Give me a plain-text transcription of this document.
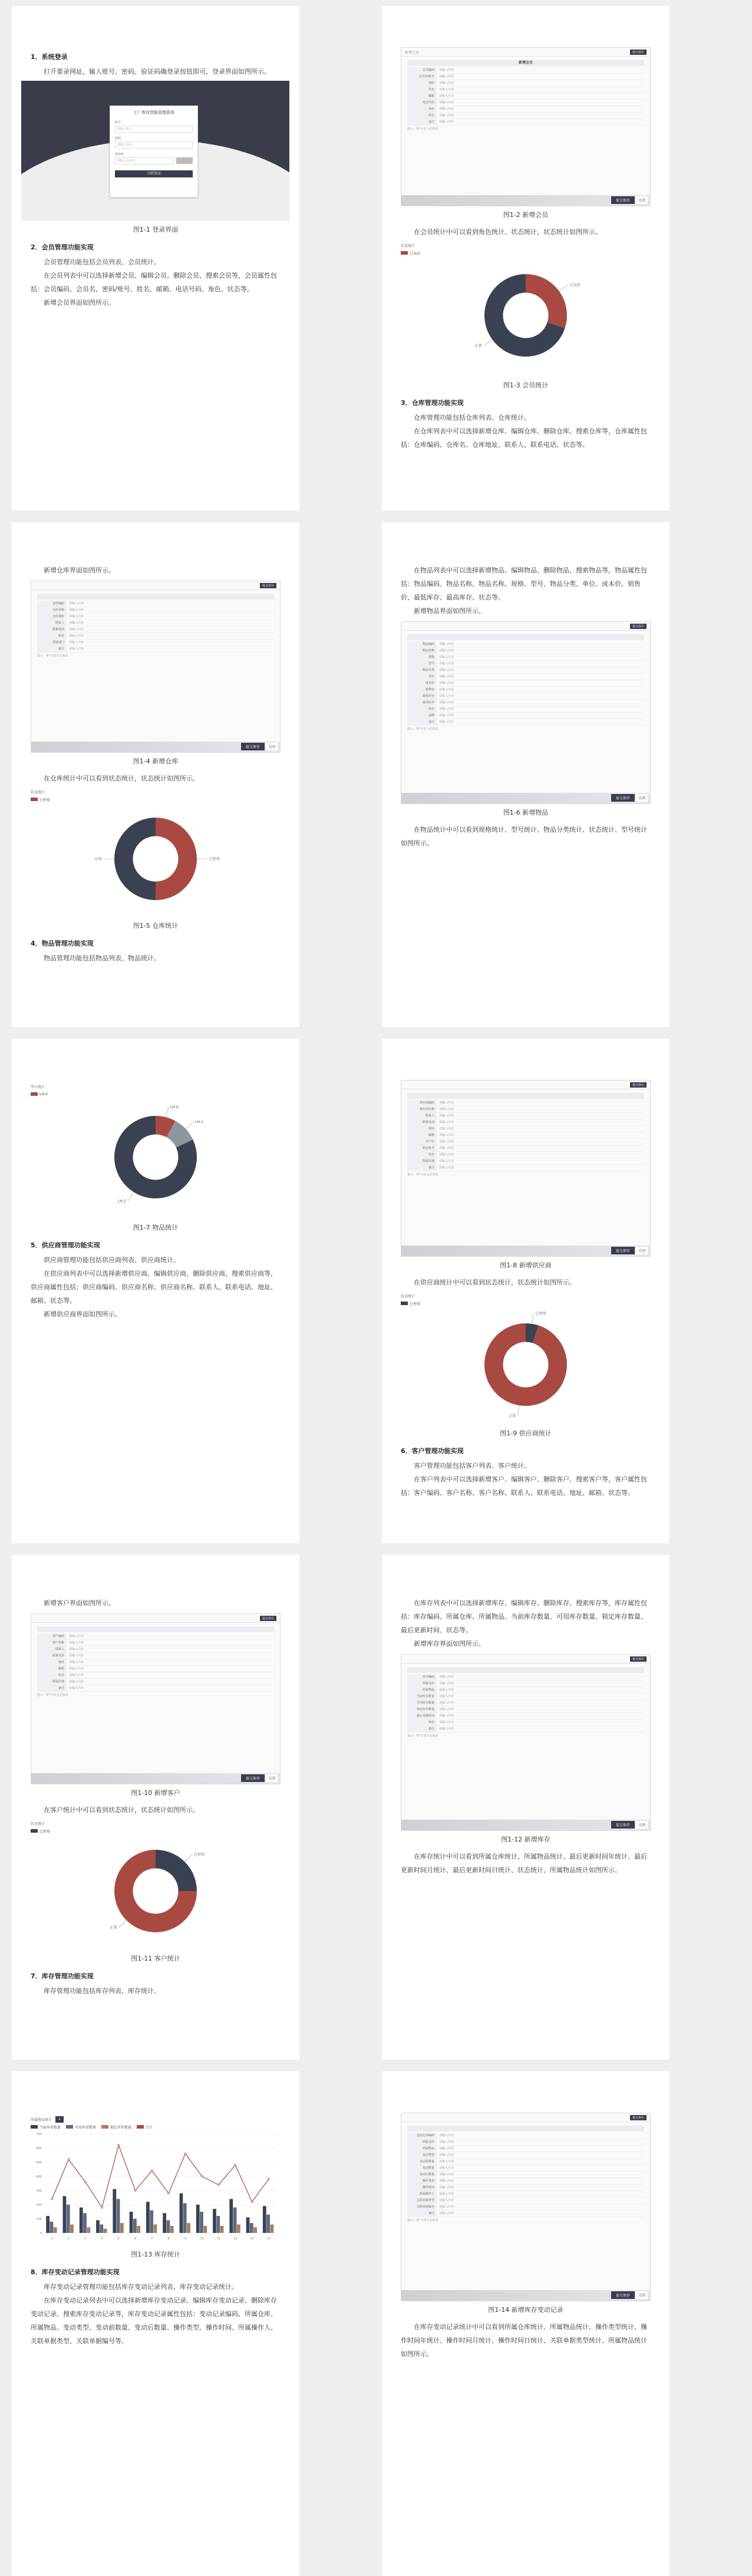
1．系统登录

打开要录网址，输入账号、密码、验证码确登录按钮即可，登录界面如图所示。

工厂库存智能管理系统
账号
请输入账号
密码
请输入密码
验证码
请输入验证码
立即登录
图1-1 登录界面
2．会员管理功能实现

会员管理功能包括会员列表、会员统计。

在会员列表中可以选择新增会员、编辑会员、删除会员、搜索会员等，会员属性包括：会员编码、会员名、密码/账号、姓名、邮箱、电话号码、角色、状态等。

新增会员界面如图所示。

新增会员	提交保存
新增会员
会员编码	请输入内容
会员名/账号	请输入内容
密码	请输入内容
姓名	请输入内容
邮箱	请输入内容
电话号码	请输入内容
角色	请输入内容
状态	请输入内容
备注	请输入内容
提示：带*号的为必填项
提交保存	关闭
图1-2 新增会员

在会员统计中可以看到角色统计、状态统计，状态统计如图所示。

状态统计
已冻结
已冻结
正常
图1-3 会员统计
3．仓库管理功能实现

仓库管理功能包括仓库列表、仓库统计。

在仓库列表中可以选择新增仓库、编辑仓库、删除仓库、搜索仓库等，仓库属性包括：仓库编码、仓库名、仓库地址、联系人、联系电话、状态等。

新增仓库界面如图所示。

提交保存
仓库编码	请输入内容
仓库名称	请输入内容
仓库地址	请输入内容
联系人	请输入内容
联系电话	请输入内容
状态	请输入内容
所属部门	请输入内容
备注	请输入内容
提示：带*号的为必填项
提交保存	关闭
图1-4 新增仓库

在仓库统计中可以看到状态统计，状态统计如图所示。

状态统计
已停用
已停用
启用
图1-5 仓库统计
4．物品管理功能实现

物品管理功能包括物品列表、物品统计。

在物品列表中可以选择新增物品、编辑物品、删除物品、搜索物品等，物品属性包括：物品编码、物品名称、物品名称、规格、型号、物品分类、单位、成本价、销售价、最低库存、最高库存、状态等。

新增物品界面如图所示。

提交保存
物品编码	请输入内容
物品名称	请输入内容
规格	请输入内容
型号	请输入内容
物品分类	请输入内容
单位	请输入内容
成本价	请输入内容
销售价	请输入内容
最低库存	请输入内容
最高库存	请输入内容
状态	请输入内容
品牌	请输入内容
备注	请输入内容
提示：带*号的为必填项
提交保存	关闭
图1-6 新增物品

在物品统计中可以看到规格统计、型号统计、物品分类统计、状态统计、型号统计如图所示。

型号统计
LH-0
LH-0
LH-1
LH-2
图1-7 物品统计
5．供应商管理功能实现

供应商管理功能包括供应商列表、供应商统计。

在供应商列表中可以选择新增供应商、编辑供应商、删除供应商、搜索供应商等，供应商属性包括：供应商编码、供应商名称、供应商名称、联系人、联系电话、地址、邮箱、状态等。

新增供应商界面如图所示。

提交保存
供应商编码	请输入内容
供应商名称	请输入内容
联系人	请输入内容
联系电话	请输入内容
地址	请输入内容
邮箱	请输入内容
开户行	请输入内容
银行账号	请输入内容
状态	请输入内容
所属区域	请输入内容
备注	请输入内容
提示：带*号的为必填项
提交保存	关闭
图1-8 新增供应商

在供应商统计中可以看到状态统计，状态统计如图所示。

状态统计
已停用
已停用
正常
图1-9 供应商统计
6．客户管理功能实现

客户管理功能包括客户列表、客户统计。

在客户列表中可以选择新增客户、编辑客户、删除客户、搜索客户等，客户属性包括：客户编码、客户名称、客户名称、联系人、联系电话、地址、邮箱、状态等。

新增客户界面如图所示。

提交保存
客户编码	请输入内容
客户名称	请输入内容
联系人	请输入内容
联系电话	请输入内容
地址	请输入内容
邮箱	请输入内容
状态	请输入内容
所属区域	请输入内容
备注	请输入内容
提示：带*号的为必填项
提交保存	关闭
图1-10 新增客户

在客户统计中可以看到状态统计，状态统计如图所示。

状态统计
已停用
已停用
正常
图1-11 客户统计
7．库存管理功能实现

库存管理功能包括库存列表、库存统计。

在库存列表中可以选择新增库存、编辑库存、删除库存、搜索库存等，库存属性包括：库存编码、所属仓库、所属物品、当前库存数量、可用库存数量、锁定库存数量、最后更新时间、状态等。

新增库存界面如图所示。

提交保存
库存编码	请输入内容
所属仓库	请输入内容
所属物品	请输入内容
当前库存数量	请输入内容
可用库存数量	请输入内容
锁定库存数量	请输入内容
最后更新时间	请输入内容
状态	请输入内容
备注	请输入内容
提示：带*号的为必填项
提交保存	关闭
图1-12 新增库存

在库存统计中可以看到所属仓库统计、所属物品统计、最后更新时间年统计、最后更新时间月统计、最后更新时间日统计、状态统计、所属物品统计如图所示。

所属物品统计	⌕
当前库存数量	可用库存数量	锁定库存数量	合计
0
100
200
300
400
500
600
700
1	2	3	4	5	6	7	8	9	10	11	12	13	14
图1-13 库存统计
8．库存变动记录管理功能实现

库存变动记录管理功能包括库存变动记录列表、库存变动记录统计。

在库存变动记录列表中可以选择新增库存变动记录、编辑库存变动记录、删除库存变动记录、搜索库存变动记录等，库存变动记录属性包括：变动记录编码、所属仓库、所属物品、变动类型、变动前数量、变动后数量、操作类型、操作时间、所属操作人、关联单据类型、关联单据编号等。

提交保存
变动记录编码	请输入内容
所属仓库	请输入内容
所属物品	请输入内容
变动类型	请输入内容
变动前数量	请输入内容
变动数量	请输入内容
变动后数量	请输入内容
操作类型	请输入内容
操作时间	请输入内容
所属操作人	请输入内容
关联单据类型	请输入内容
关联单据编号	请输入内容
备注	请输入内容
提示：带*号的为必填项
提交保存	关闭
图1-14 新增库存变动记录

在库存变动记录统计中可以看到所属仓库统计、所属物品统计、操作类型统计、操作时间年统计、操作时间月统计、操作时间日统计、关联单据类型统计、所属物品统计如图所示。
